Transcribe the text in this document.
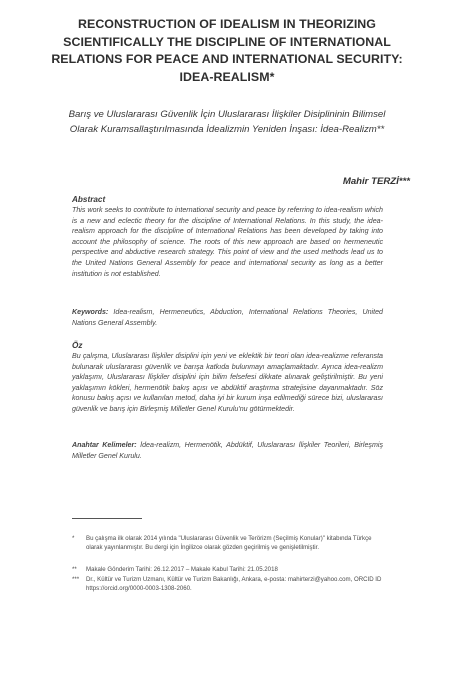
RECONSTRUCTION OF IDEALISM IN THEORIZING SCIENTIFICALLY THE DISCIPLINE OF INTERNATIONAL RELATIONS FOR PEACE AND INTERNATIONAL SECURITY: IDEA-REALISM*
Barış ve Uluslararası Güvenlik İçin Uluslararası İlişkiler Disiplininin Bilimsel Olarak Kuramsallaştırılmasında İdealizmin Yeniden İnşası: İdea-Realizm**
Mahir TERZİ***
Abstract
This work seeks to contribute to international security and peace by referring to idea-realism which is a new and eclectic theory for the discipline of International Relations. In this study, the idea-realism approach for the discipline of International Relations has been developed by taking into account the philosophy of science. The roots of this new approach are based on hermeneutic perspective and abductive research strategy. This point of view and the used methods lead us to the United Nations General Assembly for peace and international security as long as a better institution is not established.
Keywords: Idea-realism, Hermeneutics, Abduction, International Relations Theories, United Nations General Assembly.
Öz
Bu çalışma, Uluslararası İlişkiler disiplini için yeni ve eklektik bir teori olan idea-realizme referansta bulunarak uluslararası güvenlik ve barışa katkıda bulunmayı amaçlamaktadır. Ayrıca idea-realizm yaklaşımı, Uluslararası İlişkiler disiplini için bilim felsefesi dikkate alınarak geliştirilmiştir. Bu yeni yaklaşımın kökleri, hermenötik bakış açısı ve abdüktif araştırma stratejisine dayanmaktadır. Söz konusu bakış açısı ve kullanılan metod, daha iyi bir kurum inşa edilmediği sürece bizi, uluslararası güvenlik ve barış için Birleşmiş Milletler Genel Kurulu'nu götürmektedir.
Anahtar Kelimeler: İdea-realizm, Hermenötik, Abdüktif, Uluslararası İlişkiler Teorileri, Birleşmiş Milletler Genel Kurulu.
*	Bu çalışma ilk olarak 2014 yılında "Uluslararası Güvenlik ve Terörizm (Seçilmiş Konular)" kitabında Türkçe olarak yayınlanmıştır. Bu dergi için İngilizce olarak gözden geçirilmiş ve genişletilmiştir.
**	Makale Gönderim Tarihi: 26.12.2017 – Makale Kabul Tarihi: 21.05.2018
***	Dr., Kültür ve Turizm Uzmanı, Kültür ve Turizm Bakanlığı, Ankara, e-posta: mahirterzi@yahoo.com, ORCID ID https://orcid.org/0000-0003-1308-2060.
